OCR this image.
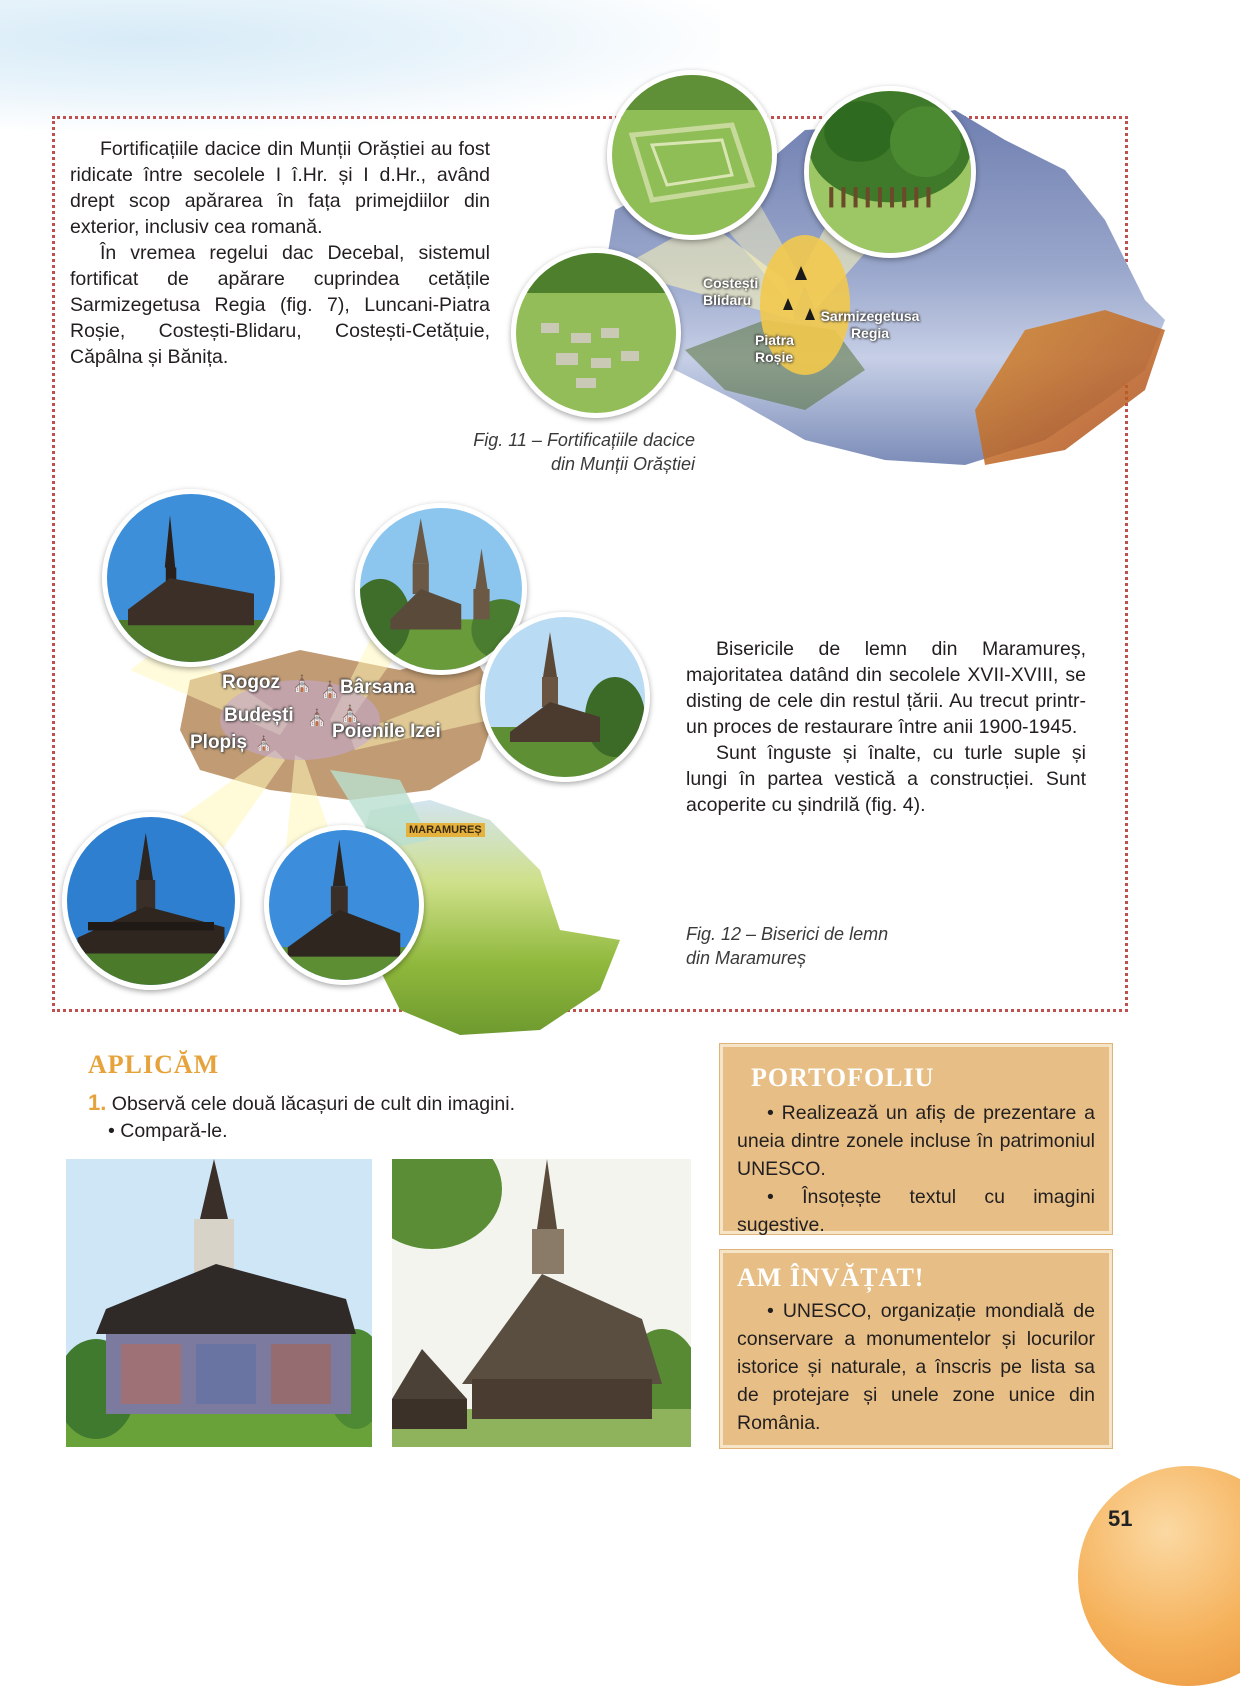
Fortificațiile dacice din Munții Orăștiei au fost ridicate între secolele I î.Hr. și I d.Hr., având drept scop apărarea în fața primejdiilor din exterior, inclusiv cea romană.

În vremea regelui dac Decebal, sistemul fortificat de apărare cuprindea cetățile Sarmizegetusa Regia (fig. 7), Luncani-Piatra Roșie, Costești-Blidaru, Costești-Cetățuie, Căpâlna și Bănița.

Costești Blidaru
Piatra Roșie
Sarmizegetusa Regia

Fig. 11 – Fortificațiile dacice
din Munții Orăștiei

Rogoz	Bârsana
Budești
Plopiș
Poienile Izei
⛪ ⛪
⛪ ⛪
⛪
MARAMUREȘ

Bisericile de lemn din Maramureș, majoritatea datând din secolele XVII-XVIII, se disting de cele din restul țării. Au trecut printr-un proces de restaurare între anii 1900-1945.

Sunt înguste și înalte, cu turle suple și lungi în partea vestică a construcției. Sunt acoperite cu șindrilă (fig. 4).

Fig. 12 – Biserici de lemn
din Maramureș

APLICĂM
1. Observă cele două lăcașuri de cult din imagini.
• Compară-le.
PORTOFOLIU

• Realizează un afiș de prezentare a uneia dintre zonele incluse în patrimoniul UNESCO.

• Însoțește textul cu imagini sugestive.

AM ÎNVĂȚAT!

• UNESCO, organizație mondială de conservare a monumentelor și locurilor istorice și naturale, a înscris pe lista sa de protejare și unele zone unice din România.

51
